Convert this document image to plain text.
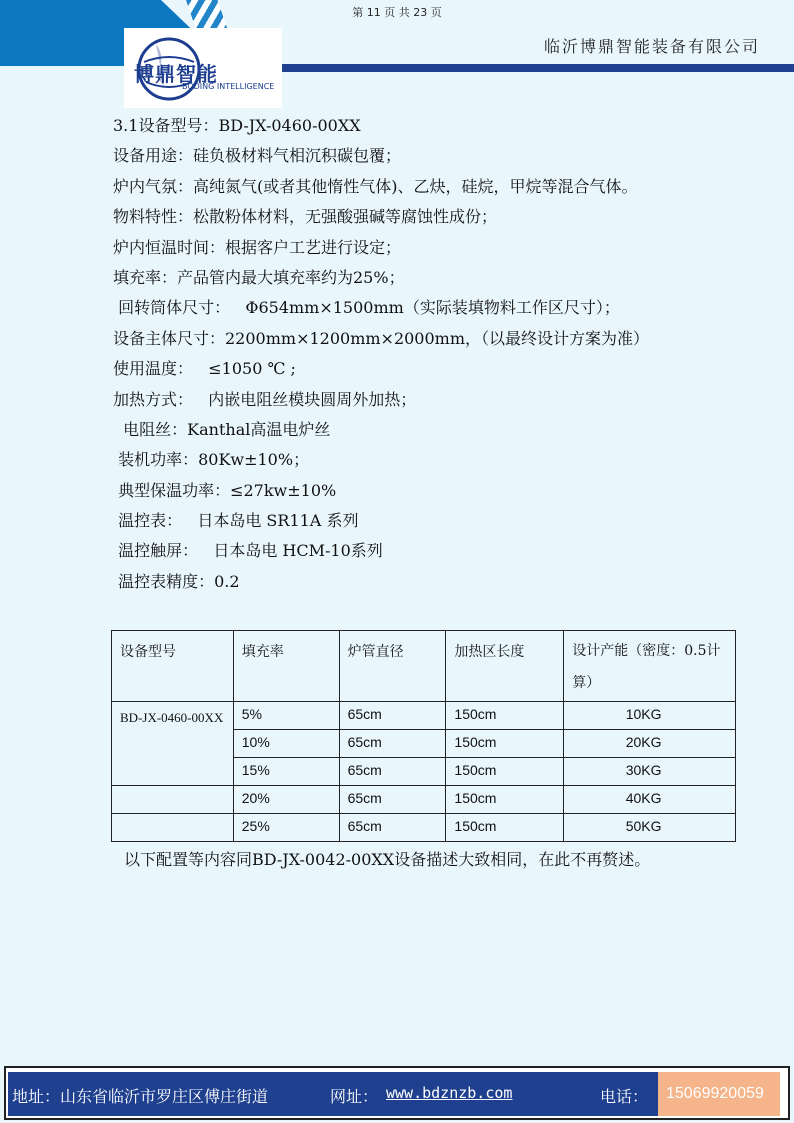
第 11 页 共 23 页
临沂博鼎智能装备有限公司
博鼎智能
BODING INTELLIGENCE
3.1设备型号：BD-JX-0460-00XX
设备用途：硅负极材料气相沉积碳包覆；
炉内气氛：高纯氮气(或者其他惰性气体)、乙炔，硅烷，甲烷等混合气体。
物料特性：松散粉体材料，无强酸强碱等腐蚀性成份；
炉内恒温时间：根据客户工艺进行设定；
填充率：产品管内最大填充率约为25%；
回转筒体尺寸：   Φ654mm×1500mm（实际装填物料工作区尺寸）；
设备主体尺寸：2200mm×1200mm×2000mm，（以最终设计方案为准）
使用温度：   ≤1050 ℃ ;
加热方式：   内嵌电阻丝模块圆周外加热；
电阻丝：Kanthal高温电炉丝
装机功率：80Kw±10%；
典型保温功率：≤27kw±10%
温控表：   日本岛电 SR11A 系列
温控触屏：   日本岛电 HCM-10系列
温控表精度：0.2
设备型号	填充率	炉管直径	加热区长度	设计产能（密度：0.5计算）
BD-JX-0460-00XX	5%	65cm	150cm	10KG
	10%	65cm	150cm	20KG
	15%	65cm	150cm	30KG
	20%	65cm	150cm	40KG
	25%	65cm	150cm	50KG
以下配置等内容同BD-JX-0042-00XX设备描述大致相同，在此不再赘述。
地址：山东省临沂市罗庄区傅庄街道	网址： www.bdznzb.com	电话：	15069920059
